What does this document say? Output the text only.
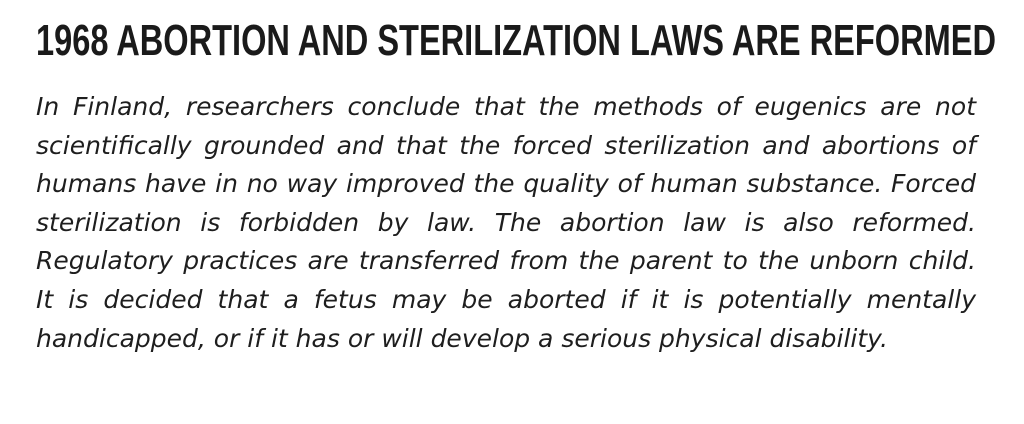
1968 ABORTION AND STERILIZATION LAWS ARE REFORMED

In Finland, researchers conclude that the methods of eugenics are not scientifically grounded and that the forced sterilization and abortions of humans have in no way improved the quality of human substance. Forced sterilization is forbidden by law. The abortion law is also reformed. Regulatory practices are transferred from the parent to the unborn child. It is decided that a fetus may be aborted if it is potentially mentally handicapped, or if it has or will develop a serious physical disability.
